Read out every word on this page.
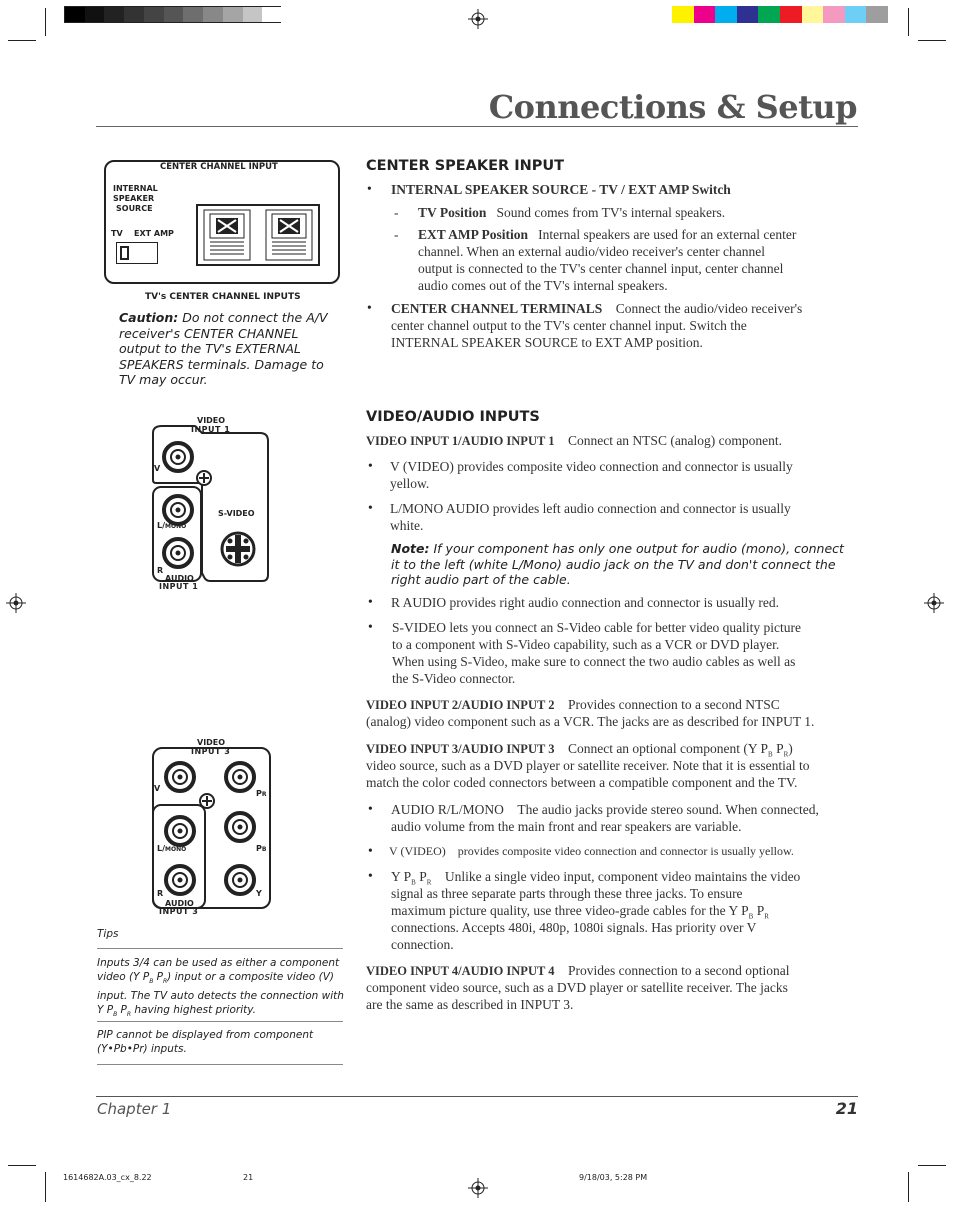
Connections & Setup
CENTER CHANNEL INPUT
INTERNAL
SPEAKER
SOURCE
TV EXT AMP
TV's CENTER CHANNEL INPUTS
Caution: Do not connect the A/V receiver's CENTER CHANNEL output to the TV's EXTERNAL SPEAKERS terminals. Damage to TV may occur.
CENTER SPEAKER INPUT
• INTERNAL SPEAKER SOURCE - TV / EXT AMP Switch
- TV Position Sound comes from TV's internal speakers.
- EXT AMP Position Internal speakers are used for an external center
channel. When an external audio/video receiver's center channel
output is connected to the TV's center channel input, center channel
audio comes out of the TV's internal speakers.
• CENTER CHANNEL TERMINALS Connect the audio/video receiver's
center channel output to the TV's center channel input. Switch the
INTERNAL SPEAKER SOURCE to EXT AMP position.
VIDEO
INPUT 1
V
L/MONO
R
S-VIDEO
AUDIO
INPUT 1
VIDEO
INPUT 3
V
L/MONO
R
PR
PB
Y
AUDIO
INPUT 3
Tips
Inputs 3/4 can be used as either a component
video (Y $P_B$ $P_R$) input or a composite video (V)
input. The TV auto detects the connection with
Y $P_B$ $P_R$ having highest priority.
PIP cannot be displayed from component
(Y•Pb•Pr) inputs.
VIDEO/AUDIO INPUTS
VIDEO INPUT 1/AUDIO INPUT 1 Connect an NTSC (analog) component.
• V (VIDEO) provides composite video connection and connector is usually
yellow.
• L/MONO AUDIO provides left audio connection and connector is usually
white.
Note: If your component has only one output for audio (mono), connect
it to the left (white L/Mono) audio jack on the TV and don't connect the
right audio part of the cable.
• R AUDIO provides right audio connection and connector is usually red.
• S-VIDEO lets you connect an S-Video cable for better video quality picture
to a component with S-Video capability, such as a VCR or DVD player.
When using S-Video, make sure to connect the two audio cables as well as
the S-Video connector.
VIDEO INPUT 2/AUDIO INPUT 2 Provides connection to a second NTSC
(analog) video component such as a VCR. The jacks are as described for INPUT 1.
VIDEO INPUT 3/AUDIO INPUT 3 Connect an optional component (Y $P_B$ $P_R$)
video source, such as a DVD player or satellite receiver. Note that it is essential to
match the color coded connectors between a compatible component and the TV.
• AUDIO R/L/MONO The audio jacks provide stereo sound. When connected,
audio volume from the main front and rear speakers are variable.
• V (VIDEO)    provides composite video connection and connector is usually yellow.
• Y $P_B$ $P_R$ Unlike a single video input, component video maintains the video
signal as three separate parts through these three jacks. To ensure
maximum picture quality, use three video-grade cables for the Y $P_B$ $P_R$
connections. Accepts 480i, 480p, 1080i signals. Has priority over V
connection.
VIDEO INPUT 4/AUDIO INPUT 4 Provides connection to a second optional
component video source, such as a DVD player or satellite receiver. The jacks
are the same as described in INPUT 3.
Chapter 1	21
1614682A.03_cx_8.22	21	9/18/03, 5:28 PM
